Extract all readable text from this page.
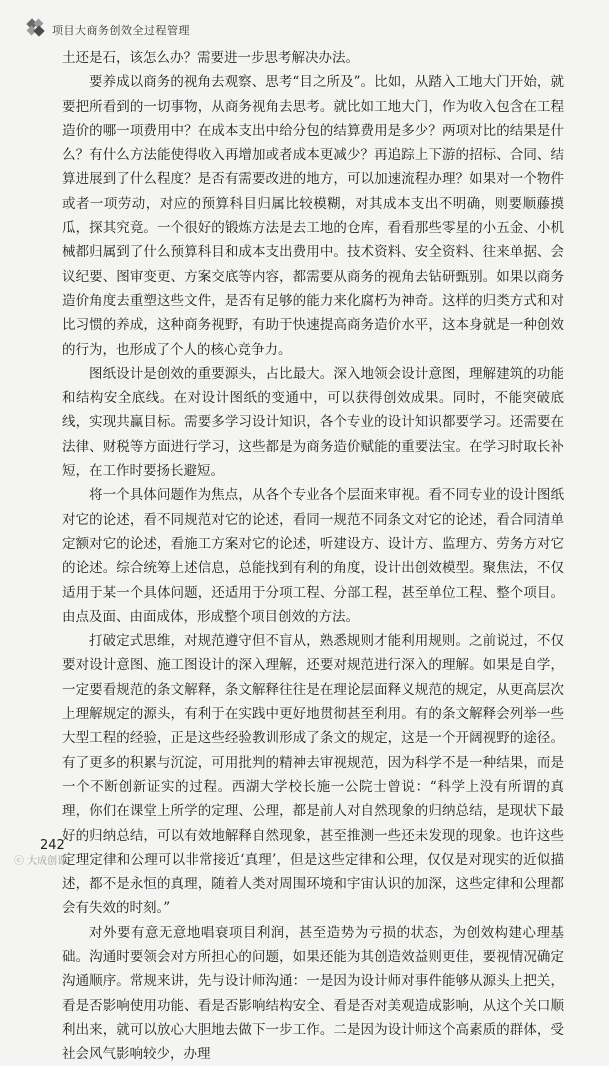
项目大商务创效全过程管理

土还是石，该怎么办？需要进一步思考解决办法。

要养成以商务的视角去观察、思考“目之所及”。比如，从踏入工地大门开始，就要把所看到的一切事物，从商务视角去思考。就比如工地大门，作为收入包含在工程造价的哪一项费用中？在成本支出中给分包的结算费用是多少？两项对比的结果是什么？有什么方法能使得收入再增加或者成本更减少？再追踪上下游的招标、合同、结算进展到了什么程度？是否有需要改进的地方，可以加速流程办理？如果对一个物件或者一项劳动，对应的预算科目归属比较模糊，对其成本支出不明确，则要顺藤摸瓜，探其究竟。一个很好的锻炼方法是去工地的仓库，看看那些零星的小五金、小机械都归属到了什么预算科目和成本支出费用中。技术资料、安全资料、往来单据、会议纪要、图审变更、方案交底等内容，都需要从商务的视角去钻研甄别。如果以商务造价角度去重塑这些文件，是否有足够的能力来化腐朽为神奇。这样的归类方式和对比习惯的养成，这种商务视野，有助于快速提高商务造价水平，这本身就是一种创效的行为，也形成了个人的核心竞争力。

图纸设计是创效的重要源头，占比最大。深入地领会设计意图，理解建筑的功能和结构安全底线。在对设计图纸的变通中，可以获得创效成果。同时，不能突破底线，实现共赢目标。需要多学习设计知识，各个专业的设计知识都要学习。还需要在法律、财税等方面进行学习，这些都是为商务造价赋能的重要法宝。在学习时取长补短，在工作时要扬长避短。

将一个具体问题作为焦点，从各个专业各个层面来审视。看不同专业的设计图纸对它的论述，看不同规范对它的论述，看同一规范不同条文对它的论述，看合同清单定额对它的论述，看施工方案对它的论述，听建设方、设计方、监理方、劳务方对它的论述。综合统筹上述信息，总能找到有利的角度，设计出创效模型。聚焦法，不仅适用于某一个具体问题，还适用于分项工程、分部工程，甚至单位工程、整个项目。由点及面、由面成体，形成整个项目创效的方法。

打破定式思维，对规范遵守但不盲从，熟悉规则才能利用规则。之前说过，不仅要对设计意图、施工图设计的深入理解，还要对规范进行深入的理解。如果是自学，一定要看规范的条文解释，条文解释往往是在理论层面释义规范的规定，从更高层次上理解规定的源头，有利于在实践中更好地贯彻甚至利用。有的条文解释会列举一些大型工程的经验，正是这些经验教训形成了条文的规定，这是一个开阔视野的途径。有了更多的积累与沉淀，可用批判的精神去审视规范，因为科学不是一种结果，而是一个不断创新证实的过程。西湖大学校长施一公院士曾说：“科学上没有所谓的真理，你们在课堂上所学的定理、公理，都是前人对自然现象的归纳总结，是现状下最好的归纳总结，可以有效地解释自然现象，甚至推测一些还未发现的现象。也许这些定理定律和公理可以非常接近‘真理’，但是这些定律和公理，仅仅是对现实的近似描述，都不是永恒的真理，随着人类对周围环境和宇宙认识的加深，这些定律和公理都会有失效的时刻。”

对外要有意无意地唱衰项目利润，甚至造势为亏损的状态，为创效构建心理基础。沟通时要领会对方所担心的问题，如果还能为其创造效益则更佳，要视情况确定沟通顺序。常规来讲，先与设计师沟通：一是因为设计师对事件能够从源头上把关，看是否影响使用功能、看是否影响结构安全、看是否对美观造成影响，从这个关口顺利出来，就可以放心大胆地去做下一步工作。二是因为设计师这个高素质的群体，受社会风气影响较少，办理

242
ⓒ 大成创课
